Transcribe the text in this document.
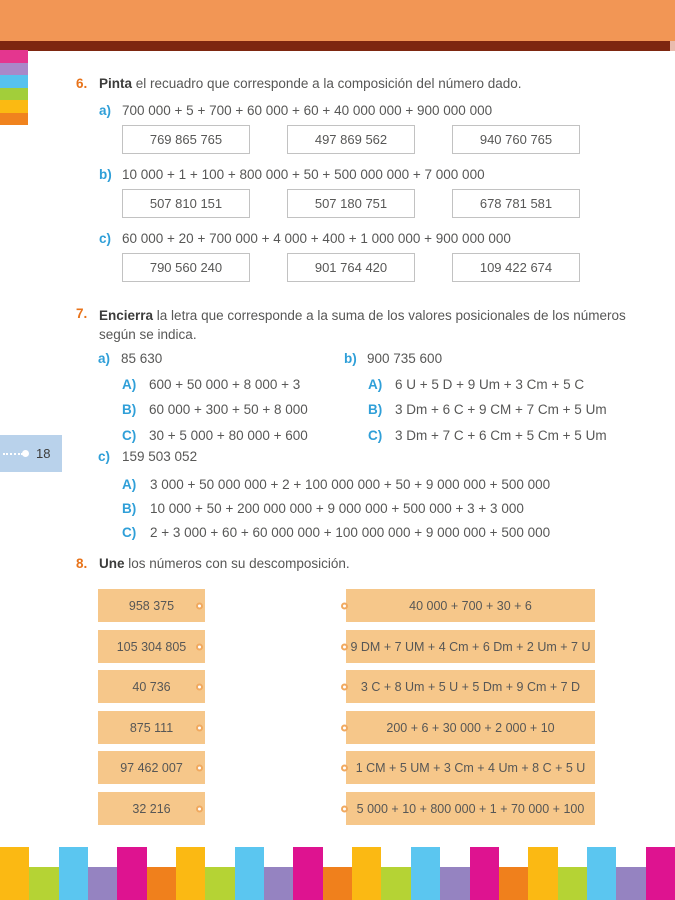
6. Pinta el recuadro que corresponde a la composición del número dado.
a) 700 000 + 5 + 700 + 60 000 + 60 + 40 000 000 + 900 000 000
769 865 765	497 869 562	940 760 765
b) 10 000 + 1 + 100 + 800 000 + 50 + 500 000 000 + 7 000 000
507 810 151	507 180 751	678 781 581
c) 60 000 + 20 + 700 000 + 4 000 + 400 + 1 000 000 + 900 000 000
790 560 240	901 764 420	109 422 674
7. Encierra la letra que corresponde a la suma de los valores posicionales de los números según se indica.
a) 85 630	b) 900 735 600
A) 600 + 50 000 + 8 000 + 3
B) 60 000 + 300 + 50 + 8 000
C) 30 + 5 000 + 80 000 + 600
A) 6 U + 5 D + 9 Um + 3 Cm + 5 C
B) 3 Dm + 6 C + 9 CM + 7 Cm + 5 Um
C) 3 Dm + 7 C + 6 Cm + 5 Cm + 5 Um
c) 159 503 052
A) 3 000 + 50 000 000 + 2 + 100 000 000 + 50 + 9 000 000 + 500 000
B) 10 000 + 50 + 200 000 000 + 9 000 000 + 500 000 + 3 + 3 000
C) 2 + 3 000 + 60 + 60 000 000 + 100 000 000 + 9 000 000 + 500 000
18
8. Une los números con su descomposición.
958 375	40 000 + 700 + 30 + 6
105 304 805	9 DM + 7 UM + 4 Cm + 6 Dm + 2 Um + 7 U
40 736	3 C + 8 Um + 5 U + 5 Dm + 9 Cm + 7 D
875 111	200 + 6 + 30 000 + 2 000 + 10
97 462 007	1 CM + 5 UM + 3 Cm + 4 Um + 8 C + 5 U
32 216	5 000 + 10 + 800 000 + 1 + 70 000 + 100
